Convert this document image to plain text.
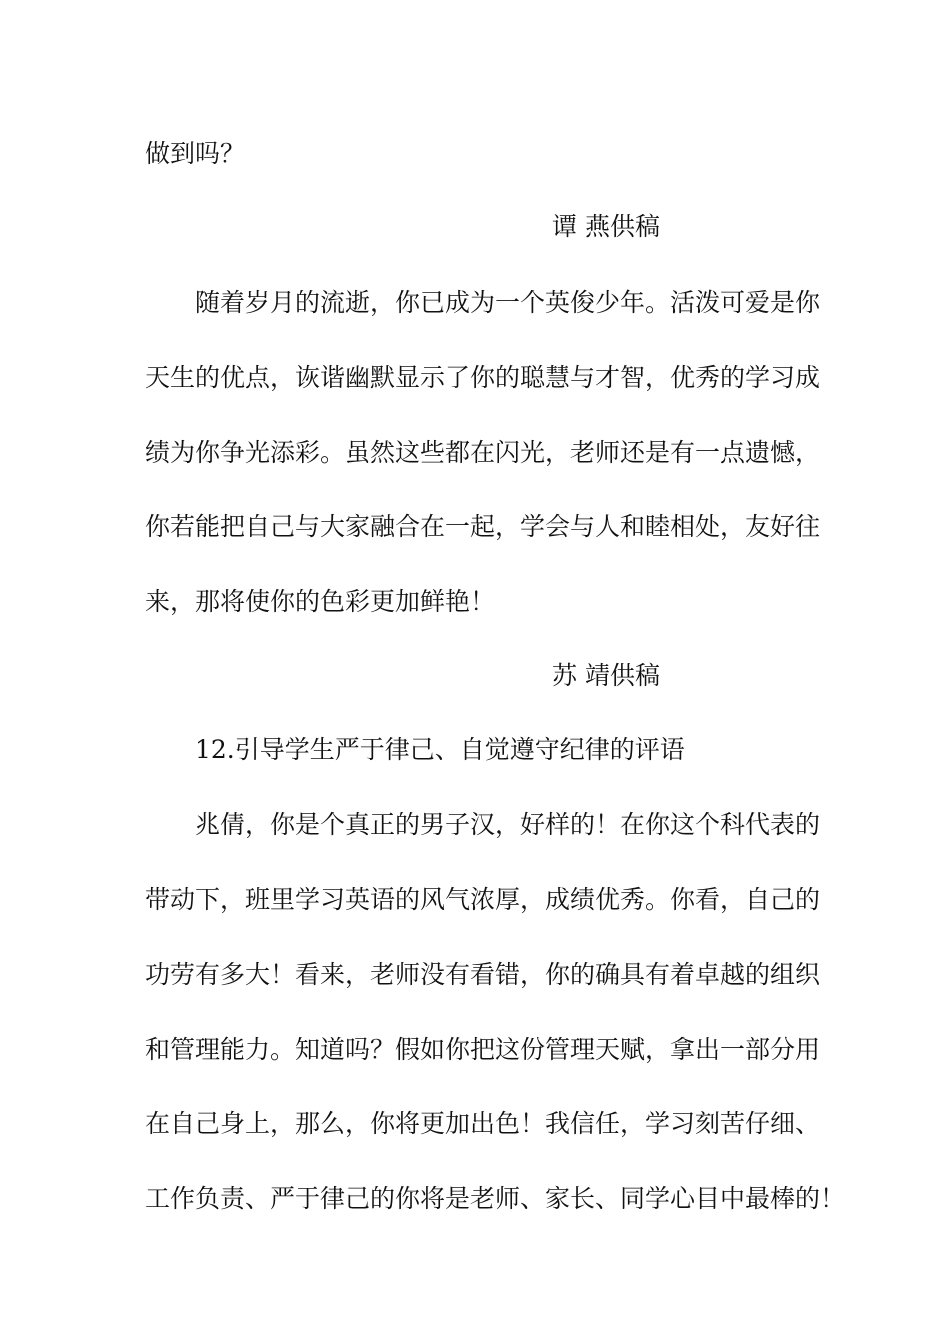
做到吗？

谭 燕供稿

随着岁月的流逝，你已成为一个英俊少年。活泼可爱是你

天生的优点，诙谐幽默显示了你的聪慧与才智，优秀的学习成

绩为你争光添彩。虽然这些都在闪光，老师还是有一点遗憾，

你若能把自己与大家融合在一起，学会与人和睦相处，友好往

来，那将使你的色彩更加鲜艳！

苏 靖供稿

12.引导学生严于律己、自觉遵守纪律的评语

兆倩，你是个真正的男子汉，好样的！在你这个科代表的

带动下，班里学习英语的风气浓厚，成绩优秀。你看，自己的

功劳有多大！看来，老师没有看错，你的确具有着卓越的组织

和管理能力。知道吗？假如你把这份管理天赋，拿出一部分用

在自己身上，那么，你将更加出色！我信任，学习刻苦仔细、

工作负责、严于律己的你将是老师、家长、同学心目中最棒的！
